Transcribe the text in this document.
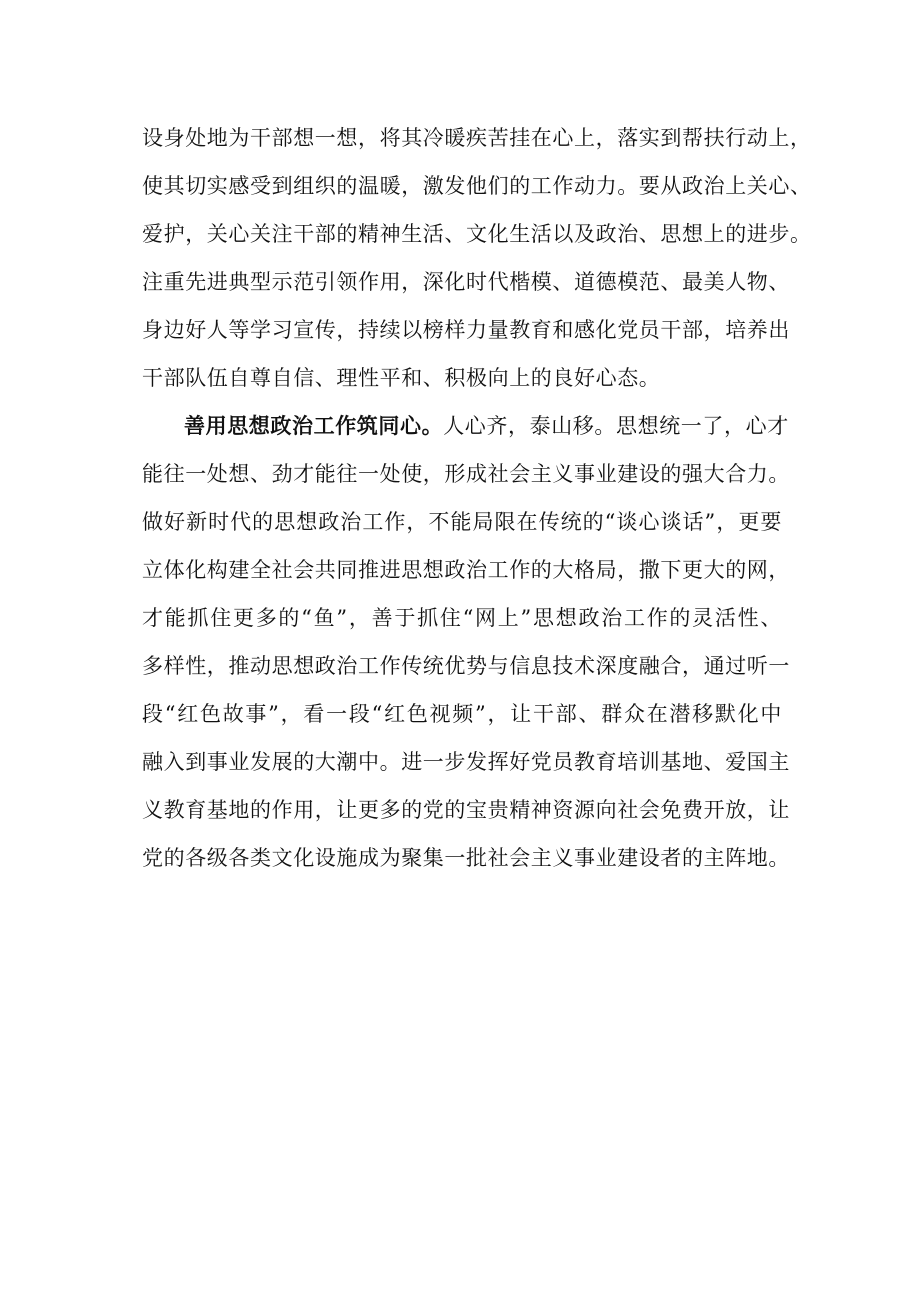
设身处地为干部想一想，将其冷暖疾苦挂在心上，落实到帮扶行动上，
使其切实感受到组织的温暖，激发他们的工作动力。要从政治上关心、
爱护，关心关注干部的精神生活、文化生活以及政治、思想上的进步。
注重先进典型示范引领作用，深化时代楷模、道德模范、最美人物、
身边好人等学习宣传，持续以榜样力量教育和感化党员干部，培养出
干部队伍自尊自信、理性平和、积极向上的良好心态。
善用思想政治工作筑同心。人心齐，泰山移。思想统一了，心才
能往一处想、劲才能往一处使，形成社会主义事业建设的强大合力。
做好新时代的思想政治工作，不能局限在传统的“谈心谈话”，更要
立体化构建全社会共同推进思想政治工作的大格局，撒下更大的网，
才能抓住更多的“鱼”，善于抓住“网上”思想政治工作的灵活性、
多样性，推动思想政治工作传统优势与信息技术深度融合，通过听一
段“红色故事”，看一段“红色视频”，让干部、群众在潜移默化中
融入到事业发展的大潮中。进一步发挥好党员教育培训基地、爱国主
义教育基地的作用，让更多的党的宝贵精神资源向社会免费开放，让
党的各级各类文化设施成为聚集一批社会主义事业建设者的主阵地。
